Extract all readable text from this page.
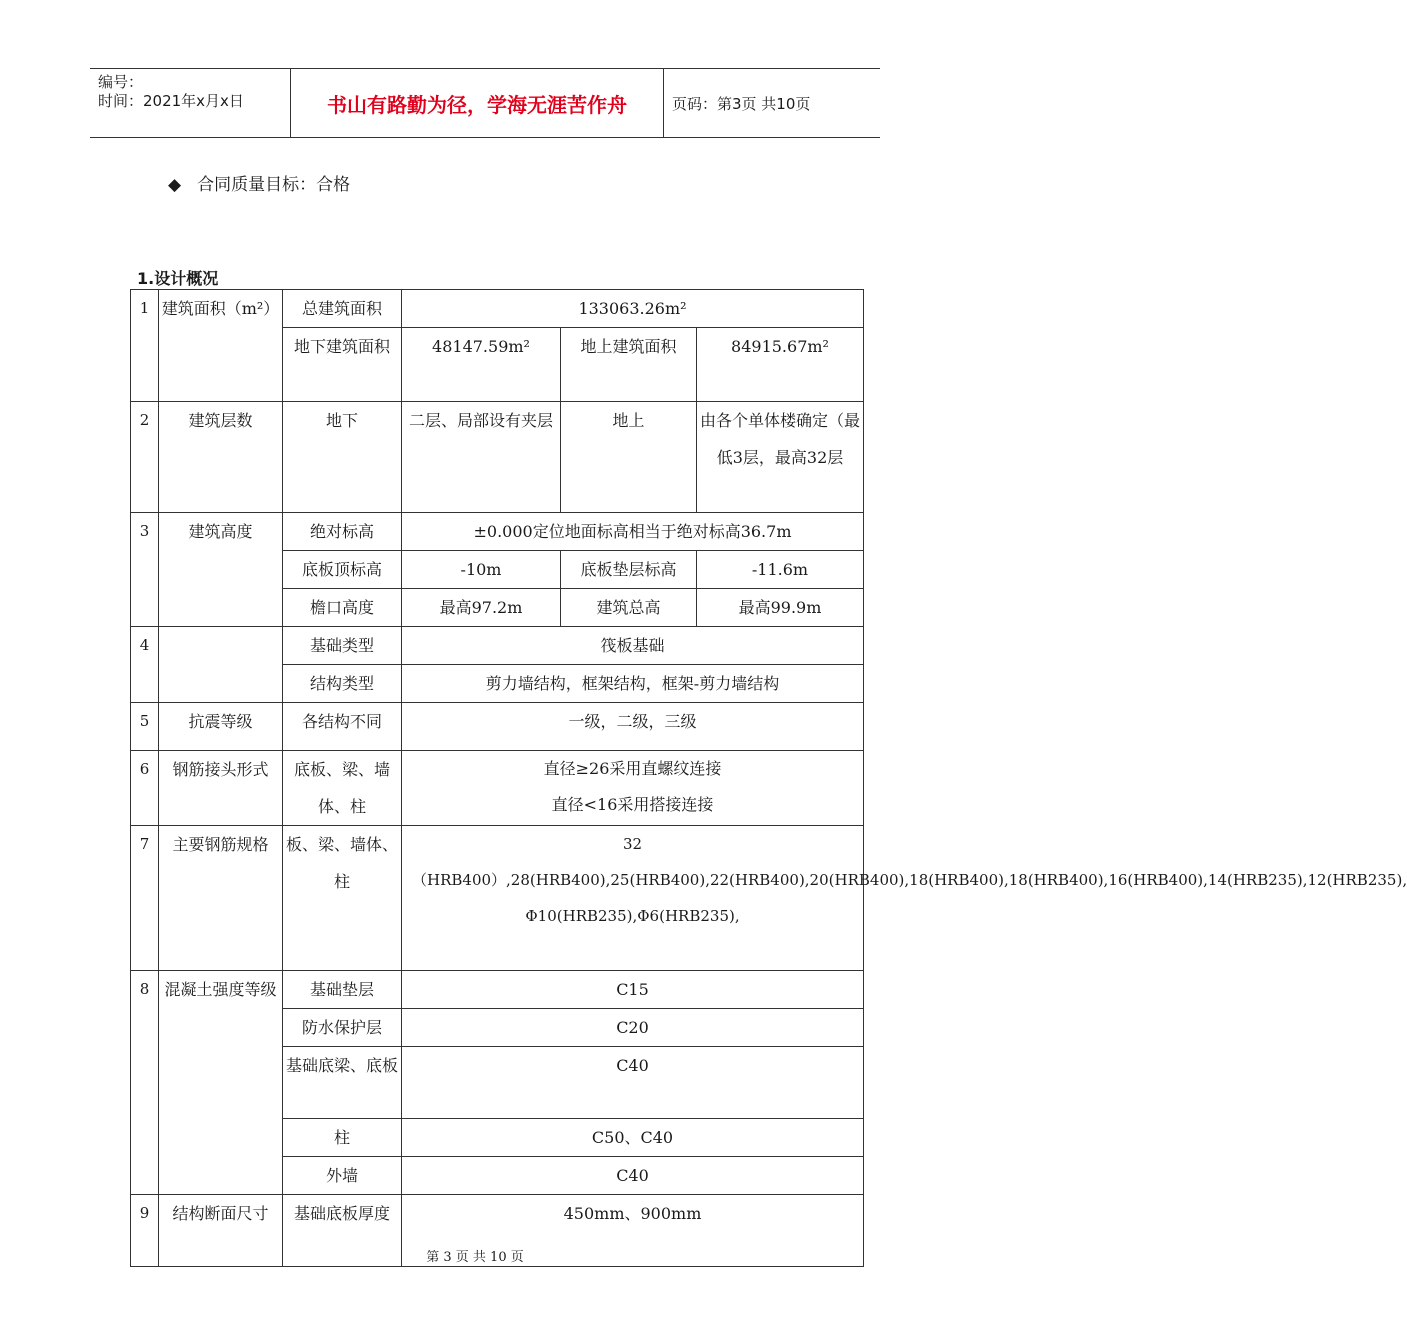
编号：
时间：2021年x月x日	书山有路勤为径，学海无涯苦作舟	页码：第3页 共10页
◆ 合同质量目标：合格
1.设计概况
1	建筑面积（m²）	总建筑面积	133063.26m²		
		地下建筑面积	48147.59m²	地上建筑面积	84915.67m²
2	建筑层数	地下	二层、局部设有夹层	地上	由各个单体楼确定（最低3层，最高32层
3	建筑高度	绝对标高	±0.000定位地面标高相当于绝对标高36.7m		
		底板顶标高	-10m	底板垫层标高	-11.6m
		檐口高度	最高97.2m	建筑总高	最高99.9m
4		基础类型	筏板基础		
		结构类型	剪力墙结构，框架结构，框架-剪力墙结构		
5	抗震等级	各结构不同	一级，二级，三级		
6	钢筋接头形式	底板、梁、墙体、柱	直径≥26采用直螺纹连接
直径<16采用搭接连接		

7	主要钢筋规格	板、梁、墙体、柱	32（HRB400）,28(HRB400),25(HRB400),22(HRB400),20(HRB400),18(HRB400),18(HRB400),16(HRB400),14(HRB235),12(HRB235), Φ10(HRB235),Φ6(HRB235),		
8	混凝土强度等级	基础垫层	C15		
		防水保护层	C20		
		基础底梁、底板	C40		
		柱	C50、C40		
		外墙	C40		
9	结构断面尺寸	基础底板厚度	450mm、900mm		
第 3 页 共 10 页
